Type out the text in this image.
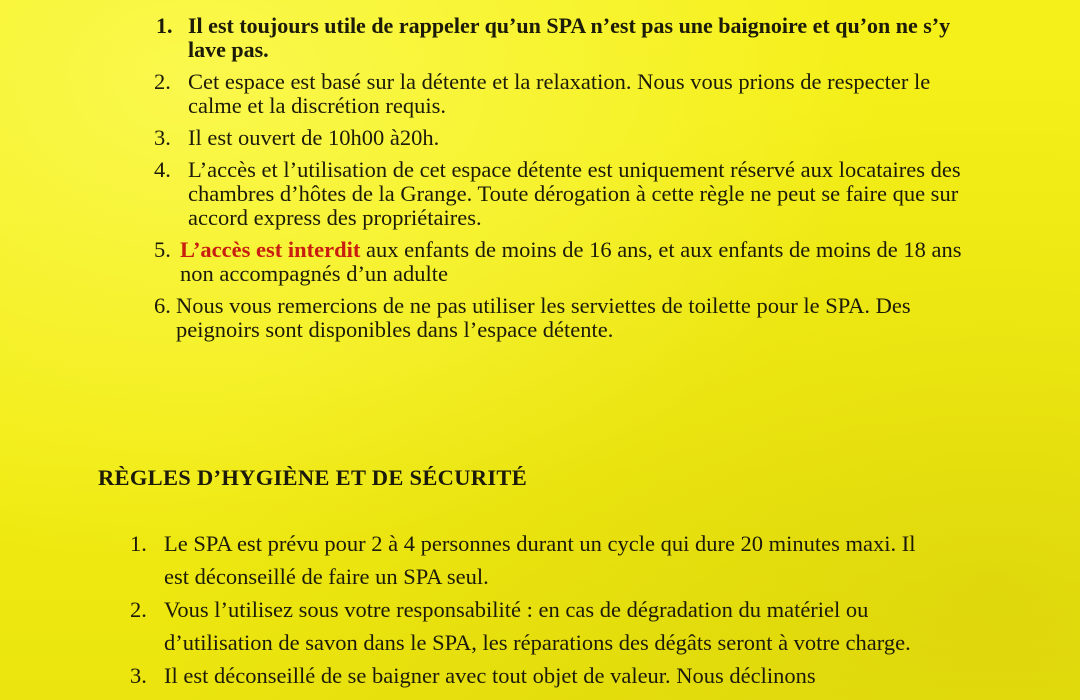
1. Il est toujours utile de rappeler qu’un SPA n’est pas une baignoire et qu’on ne s’y lave pas.
2. Cet espace est basé sur la détente et la relaxation. Nous vous prions de respecter le calme et la discrétion requis.
3. Il est ouvert de 10h00 à20h.
4. L’accès et l’utilisation de cet espace détente est uniquement réservé aux locataires des chambres d’hôtes de la Grange. Toute dérogation à cette règle ne peut se faire que sur accord express des propriétaires.
5. L’accès est interdit aux enfants de moins de 16 ans, et aux enfants de moins de 18 ans non accompagnés d’un adulte
6. Nous vous remercions de ne pas utiliser les serviettes de toilette pour le SPA. Des peignoirs sont disponibles dans l’espace détente.
RÈGLES D’HYGIÈNE ET DE SÉCURITÉ
1. Le SPA est prévu pour 2 à 4 personnes durant un cycle qui dure 20 minutes maxi. Il est déconseillé de faire un SPA seul.
2. Vous l’utilisez sous votre responsabilité : en cas de dégradation du matériel ou d’utilisation de savon dans le SPA, les réparations des dégâts seront à votre charge.
3. Il est déconseillé de se baigner avec tout objet de valeur. Nous déclinons
